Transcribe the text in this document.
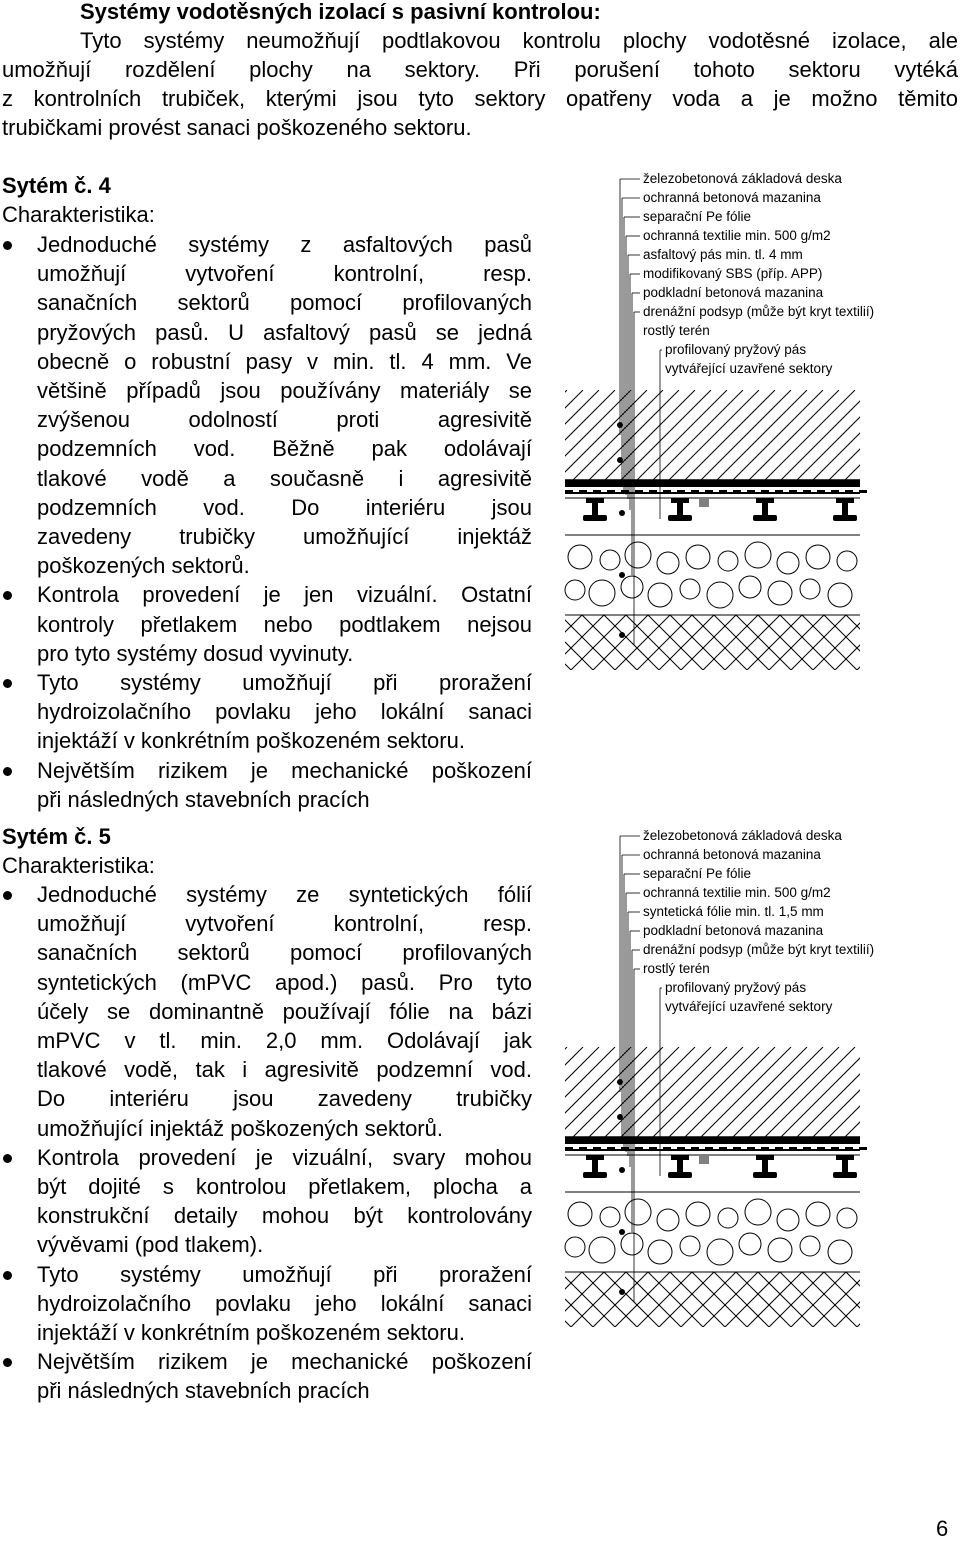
Systémy vodotěsných izolací s pasivní kontrolou:
Tyto systémy neumožňují podtlakovou kontrolu plochy vodotěsné izolace, ale
umožňují rozdělení plochy na sektory. Při porušení tohoto sektoru vytéká
z kontrolních trubiček, kterými jsou tyto sektory opatřeny voda a je možno těmito
trubičkami provést sanaci poškozeného sektoru.
Sytém č. 4
Charakteristika:
Jednoduché systémy z asfaltových pasů
umožňují vytvoření kontrolní, resp.
sanačních sektorů pomocí profilovaných
pryžových pasů. U asfaltový pasů se jedná
obecně o robustní pasy v min. tl. 4 mm. Ve
většině případů jsou používány materiály se
zvýšenou odolností proti agresivitě
podzemních vod. Běžně pak odolávají
tlakové vodě a současně i agresivitě
podzemních vod. Do interiéru jsou
zavedeny trubičky umožňující injektáž
poškozených sektorů.
Kontrola provedení je jen vizuální. Ostatní
kontroly přetlakem nebo podtlakem nejsou
pro tyto systémy dosud vyvinuty.
Tyto systémy umožňují při proražení
hydroizolačního povlaku jeho lokální sanaci
injektáží v konkrétním poškozeném sektoru.
Největším rizikem je mechanické poškození
při následných stavebních pracích
Sytém č. 5
Charakteristika:
Jednoduché systémy ze syntetických fólií
umožňují vytvoření kontrolní, resp.
sanačních sektorů pomocí profilovaných
syntetických (mPVC apod.) pasů. Pro tyto
účely se dominantně používají fólie na bázi
mPVC v tl. min. 2,0 mm. Odolávají jak
tlakové vodě, tak i agresivitě podzemní vod.
Do interiéru jsou zavedeny trubičky
umožňující injektáž poškozených sektorů.
Kontrola provedení je vizuální, svary mohou
být dojité s kontrolou přetlakem, plocha a
konstrukční detaily mohou být kontrolovány
vývěvami (pod tlakem).
Tyto systémy umožňují při proražení
hydroizolačního povlaku jeho lokální sanaci
injektáží v konkrétním poškozeném sektoru.
Největším rizikem je mechanické poškození
při následných stavebních pracích
železobetonová základová deska
ochranná betonová mazanina
separační Pe fólie
ochranná textilie min. 500 g/m2
asfaltový pás min. tl. 4 mm
modifikovaný SBS (příp. APP)
podkladní betonová mazanina
drenážní podsyp (může být kryt textilií)
rostlý terén
profilovaný pryžový pás
vytvářející uzavřené sektory
železobetonová základová deska
ochranná betonová mazanina
separační Pe fólie
ochranná textilie min. 500 g/m2
syntetická fólie min. tl. 1,5 mm
podkladní betonová mazanina
drenážní podsyp (může být kryt textilií)
rostlý terén
profilovaný pryžový pás
vytvářející uzavřené sektory
6
